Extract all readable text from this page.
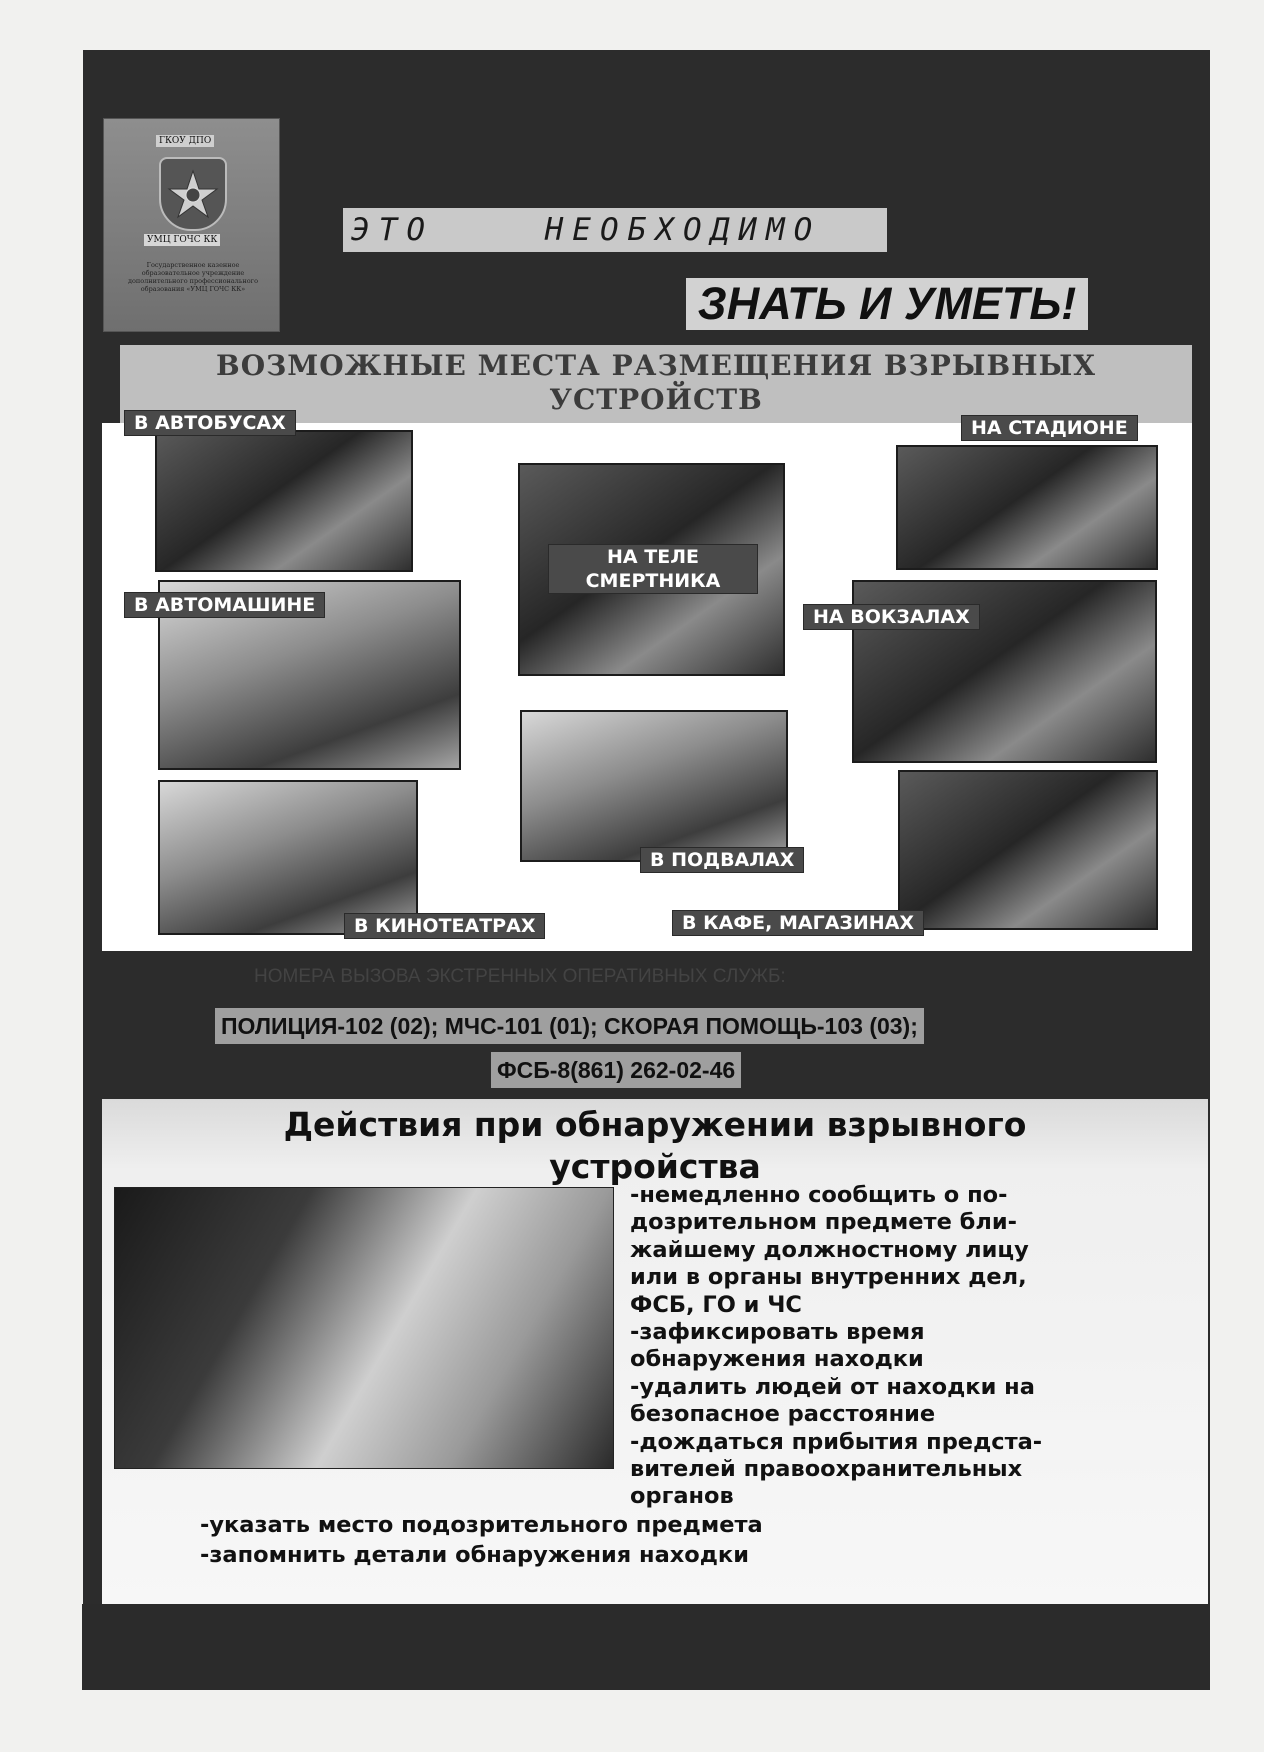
ГКОУ ДПО
УМЦ ГОЧС КК
Государственное казенное образовательное учреждение дополнительного профессионального образования «УМЦ ГОЧС КК»
ЭТО    НЕОБХОДИМО
ЗНАТЬ И УМЕТЬ!
ВОЗМОЖНЫЕ МЕСТА РАЗМЕЩЕНИЯ ВЗРЫВНЫХ
УСТРОЙСТВ
В АВТОБУСАХ	НА СТАДИОНЕ
НА ТЕЛЕ
СМЕРТНИКА
В АВТОМАШИНЕ
НА ВОКЗАЛАХ
В ПОДВАЛАХ
В КИНОТЕАТРАХ	В КАФЕ, МАГАЗИНАХ
НОМЕРА ВЫЗОВА ЭКСТРЕННЫХ ОПЕРАТИВНЫХ СЛУЖБ:
ПОЛИЦИЯ-102 (02); МЧС-101 (01); СКОРАЯ ПОМОЩЬ-103 (03);
ФСБ-8(861) 262-02-46
Действия при обнаружении взрывного
устройства
-немедленно сообщить о по-
дозрительном предмете бли-
жайшему должностному лицу
или в органы внутренних дел,
ФСБ, ГО и ЧС
-зафиксировать время
обнаружения находки
-удалить людей от находки на
безопасное расстояние
-дождаться прибытия предста-
вителей правоохранительных
органов
-указать место подозрительного предмета
-запомнить детали обнаружения находки
